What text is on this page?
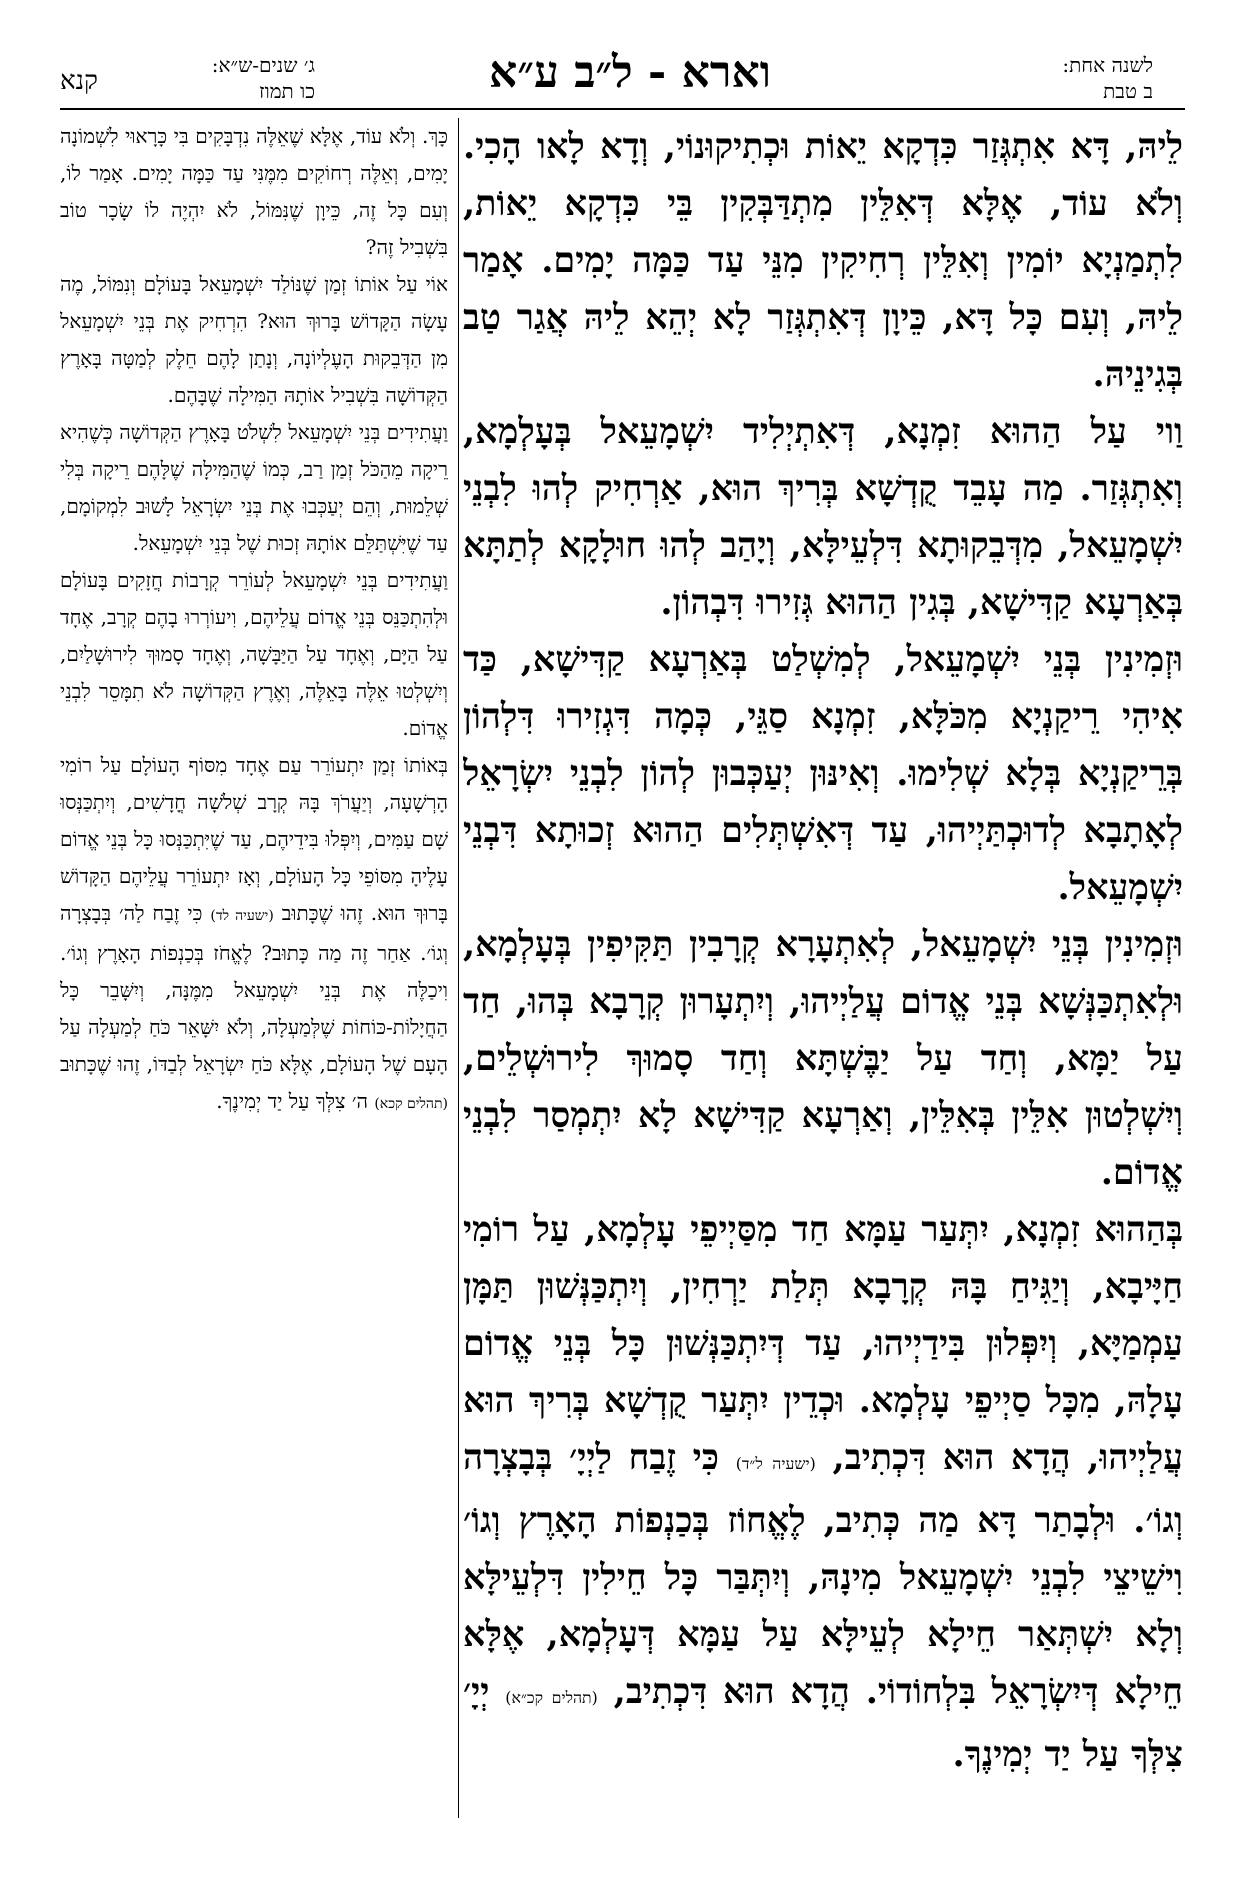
לשנה אחת:
ב טבת
וארא - ל״ב ע״א
ג׳ שנים-ש״א:
כו תמוז
קנא

לֵיהּ, דָּא אִתְגְּזַר כִּדְקָא יֵאוֹת וּכְתִיקוּנוֹי, וְדָא לָאו הָכִי. וְלֹא עוֹד, אֶלָּא דְּאִלֵּין מִתְדַּבְּקִין בֵּי כִּדְקָא יֵאוֹת, לִתְמַנְיָא יוֹמִין וְאִלֵּין רְחִיקִין מִנֵּי עַד כַּמָּה יָמִים. אָמַר לֵיהּ, וְעִם כָּל דָּא, כֵּיוָן דְּאִתְגְּזַר לָא יְהֵא לֵיהּ אֲגַר טַב בְּגִינֵיהּ.

וַוי עַל הַהוּא זִמְנָא, דְּאִתְיְלִיד יִשְׁמָעֵאל בְּעָלְמָא, וְאִתְגְּזַר. מַה עָבֵד קֻדְשָׁא בְּרִיךְ הוּא, אַרְחִיק לְהוּ לִבְנֵי יִשְׁמָעֵאל, מִדְּבֵקוּתָא דִּלְעֵילָּא, וְיָהַב לְהוּ חוּלָקָא לְתַתָּא בְּאַרְעָא קַדִּישָׁא, בְּגִין הַהוּא גְּזִירוּ דִּבְהוֹן.

וּזְמִינִין בְּנֵי יִשְׁמָעֵאל, לְמִשְׁלַט בְּאַרְעָא קַדִּישָׁא, כַּד אִיהִי רֵיקַנְיָא מִכֹּלָּא, זִמְנָא סַגֵּי, כְּמָה דִּגְזִירוּ דִּלְהוֹן בְּרֵיקַנְיָא בְּלָא שְׁלִימוּ. וְאִינּוּן יְעַכְּבוּן לְהוֹן לִבְנֵי יִשְׂרָאֵל לְאָתָבָא לְדוּכְתַּיְיהוּ, עַד דְּאִשְׁתְּלִים הַהוּא זְכוּתָא דִּבְנֵי יִשְׁמָעֵאל.

וּזְמִינִין בְּנֵי יִשְׁמָעֵאל, לְאִתְעָרָא קְרָבִין תַּקִּיפִין בְּעָלְמָא, וּלְאִתְכַּנְּשָׁא בְּנֵי אֱדוֹם עֲלַיְיהוּ, וְיִתְעָרוּן קְרָבָא בְּהוּ, חַד עַל יַמָּא, וְחַד עַל יַבֶּשְׁתָּא וְחַד סָמוּךְ לִירוּשְׁלֵים, וְיִשְׁלְטוּן אִלֵּין בְּאִלֵּין, וְאַרְעָא קַדִּישָׁא לָא יִתְמְסַר לִבְנֵי אֱדוֹם.

בְּהַהוּא זִמְנָא, יִתְּעַר עַמָּא חַד מִסַּיְיפֵי עָלְמָא, עַל רוֹמִי חַיָּיבָא, וְיַגִּיחַ בָּהּ קְרָבָא תְּלַת יַרְחִין, וְיִתְכַּנְּשׁוּן תַּמָּן עַמְמַיָּא, וְיִפְּלוּן בִּידַיְיהוּ, עַד דְּיִתְכַּנְּשׁוּן כָּל בְּנֵי אֱדוֹם עָלָהּ, מִכָּל סַיְיפֵי עָלְמָא. וּכְדֵין יִתְּעַר קֻדְשָׁא בְּרִיךְ הוּא עֲלַיְיהוּ, הֲדָא הוּא דִּכְתִיב, (ישעיה ל״ד) כִּי זֶבַח לַיְיָ׳ בְּבָצְרָה וְגוֹ׳. וּלְבָתַר דָּא מַה כְּתִיב, לֶאֱחוֹז בְּכַנְפוֹת הָאָרֶץ וְגוֹ׳ וִישֵׁיצֵי לִבְנֵי יִשְׁמָעֵאל מִינָהּ, וְיִתְּבַּר כָּל חֵילִין דִּלְעֵילָּא וְלָא יִשְׁתְּאַר חֵילָא לְעֵילָּא עַל עַמָּא דְּעָלְמָא, אֶלָּא חֵילָא דְּיִשְׂרָאֵל בִּלְחוֹדוֹי. הֲדָא הוּא דִּכְתִיב, (תהלים קכ״א) יְיָ׳ צִלְּךָ עַל יַד יְמִינֶךָ.

כָּךְ. וְלֹא עוֹד, אֶלָּא שֶׁאֵלֶּה נִדְבָּקִים בִּי כָּרָאוּי לִשְׁמוֹנָה יָמִים, וְאֵלֶּה רְחוֹקִים מִמֶּנִּי עַד כַּמָּה יָמִים. אָמַר לוֹ, וְעִם כָּל זֶה, כֵּיוָן שֶׁנִּמּוֹל, לֹא יִהְיֶה לוֹ שָׂכָר טוֹב בִּשְׁבִיל זֶה?

אוֹי עַל אוֹתוֹ זְמַן שֶׁנּוֹלַד יִשְׁמָעֵאל בָּעוֹלָם וְנִמּוֹל, מֶה עָשָׂה הַקָּדוֹשׁ בָּרוּךְ הוּא? הִרְחִיק אֶת בְּנֵי יִשְׁמָעֵאל מִן הַדְּבֵקוּת הָעֶלְיוֹנָה, וְנָתַן לָהֶם חֵלֶק לְמַטָּה בָּאָרֶץ הַקְּדוֹשָׁה בִּשְׁבִיל אוֹתָהּ הַמִּילָה שֶׁבָּהֶם.

וַעֲתִידִים בְּנֵי יִשְׁמָעֵאל לִשְׁלֹט בָּאָרֶץ הַקְּדוֹשָׁה כְּשֶׁהִיא רֵיקָה מֵהַכֹּל זְמַן רַב, כְּמוֹ שֶׁהַמִּילָה שֶׁלָּהֶם רֵיקָה בְּלִי שְׁלֵמוּת, וְהֵם יְעַכְּבוּ אֶת בְּנֵי יִשְׂרָאֵל לָשׁוּב לִמְקוֹמָם, עַד שֶׁיִּשְׁתַּלֵּם אוֹתָהּ זְכוּת שֶׁל בְּנֵי יִשְׁמָעֵאל.

וַעֲתִידִים בְּנֵי יִשְׁמָעֵאל לְעוֹרֵר קְרָבוֹת חֲזָקִים בָּעוֹלָם וּלְהִתְכַּנֵּס בְּנֵי אֱדוֹם עֲלֵיהֶם, וִיעוֹרְרוּ בָהֶם קְרָב, אֶחָד עַל הַיָּם, וְאֶחָד עַל הַיַּבָּשָׁה, וְאֶחָד סָמוּךְ לִירוּשָׁלַיִם, וְיִשְׁלְטוּ אֵלֶּה בָּאֵלֶּה, וְאֶרֶץ הַקְּדוֹשָׁה לֹא תִמָּסֵר לִבְנֵי אֱדוֹם.

בְּאוֹתוֹ זְמַן יִתְעוֹרֵר עַם אֶחָד מִסּוֹף הָעוֹלָם עַל רוֹמִי הָרְשָׁעָה, וְיַעֲרֹךְ בָּהּ קְרָב שְׁלֹשָׁה חֳדָשִׁים, וְיִתְכַּנְּסוּ שָׁם עַמִּים, וְיִפְּלוּ בִּידֵיהֶם, עַד שֶׁיִּתְכַּנְּסוּ כָּל בְּנֵי אֱדוֹם עָלֶיהָ מִסּוֹפֵי כָּל הָעוֹלָם, וְאָז יִתְעוֹרֵר עֲלֵיהֶם הַקָּדוֹשׁ בָּרוּךְ הוּא. זֶהוּ שֶׁכָּתוּב (ישעיה לד) כִּי זֶבַח לַה׳ בְּבָצְרָה וְגוֹ׳. אַחַר זֶה מַה כָּתוּב? לֶאֱחֹז בְּכַנְפוֹת הָאָרֶץ וְגוֹ׳. וִיכַלֶּה אֶת בְּנֵי יִשְׁמָעֵאל מִמֶּנָּה, וְיִשָּׁבֵר כָּל הַחֲיָלוֹת-כּוֹחוֹת שֶׁלְּמַעְלָה, וְלֹא יִשָּׁאֵר כֹּחַ לְמַעְלָה עַל הָעָם שֶׁל הָעוֹלָם, אֶלָּא כֹּחַ יִשְׂרָאֵל לְבַדּוֹ, זֶהוּ שֶׁכָּתוּב (תהלים קכא) ה׳ צִלְּךָ עַל יַד יְמִינֶךָ.
